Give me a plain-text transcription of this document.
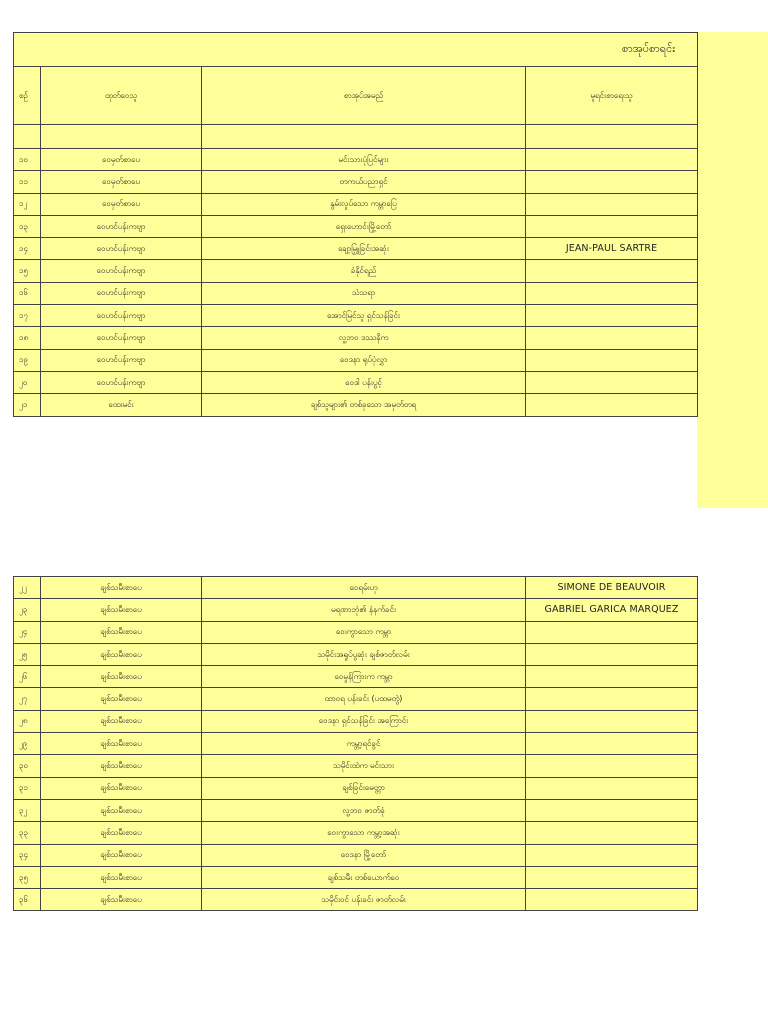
စာအုပ်စာရင်း			
စဉ်	ထုတ်ဝေသူ	စာအုပ်အမည်	မူရင်းစာရေးသူ

၁၀	ဝေမှတ်စာပေ	မင်းသားပုံပြင်များ	
၁၁	ဝေမှတ်စာပေ	တကယ်ပညာရှင်	
၁၂	ဝေမှတ်စာပေ	နွမ်းလှုပ်သော ကမ္ဘာပြေ	
၁၃	ဝေဟင်ပန်းကဗျာ	ရှေးဟောင်းမြို့တော်	
၁၄	ဝေဟင်ပန်းကဗျာ	ချော့မြှူခြင်းအဆုံး	JEAN-PAUL SARTRE
၁၅	ဝေဟင်ပန်းကဗျာ	ခံနိုင်ရည်	
၁၆	ဝေဟင်ပန်းကဗျာ	သံသရာ	
၁၇	ဝေဟင်ပန်းကဗျာ	အောင်မြင်သူ ရှင်သန်ခြင်း	
၁၈	ဝေဟင်ပန်းကဗျာ	လူ့ဘဝ ဒဿနိက	
၁၉	ဝေဟင်ပန်းကဗျာ	ဝေဒနာ ရုပ်ပုံလွှာ	
၂၀	ဝေဟင်ပန်းကဗျာ	ဝေဒါ ပန်းပွင့်	
၂၁	ထေးမင်း	ချစ်သူများ၏ တစ်ခုသော အမှတ်တရ	
၂၂	ချစ်သမီးစာပေ	ဝေရမ်းဟု	SIMONE DE BEAUVOIR
၂၃	ချစ်သမီးစာပေ	မရဏာဘုံ၏ နံနက်ခင်း	GABRIEL GARICA MARQUEZ
၂၄	ချစ်သမီးစာပေ	ဝေးကွာသော ကမ္ဘာ	
၂၅	ချစ်သမီးစာပေ	သမိုင်းအရှုပ်ပွဆုံး ချစ်ဇာတ်လမ်း	
၂၆	ချစ်သမီးစာပေ	ဝေမှုန်ကြားက ကမ္ဘာ	
၂၇	ချစ်သမီးစာပေ	ထာဝရ ပန်းခင်း (ပထမတွဲ)	
၂၈	ချစ်သမီးစာပေ	ဝေဒနာ ရှင်သန်ခြင်း အကြောင်း	
၂၉	ချစ်သမီးစာပေ	ကမ္ဘာ့ရင်ခွင်	
၃၀	ချစ်သမီးစာပေ	သမိုင်းထဲက မင်းသား	
၃၁	ချစ်သမီးစာပေ	ချစ်ခြင်းမေတ္တာ	
၃၂	ချစ်သမီးစာပေ	လူ့ဘဝ ဇာတ်ခုံ	
၃၃	ချစ်သမီးစာပေ	ဝေးကွာသော ကမ္ဘာ့အဆုံး	
၃၄	ချစ်သမီးစာပေ	ဝေဒနာ မြို့တော်	
၃၅	ချစ်သမီးစာပေ	ချစ်သမီး တစ်ယောက်ဝေ	
၃၆	ချစ်သမီးစာပေ	သမိုင်းဝင် ပန်းခင်း ဇာတ်လမ်း	
